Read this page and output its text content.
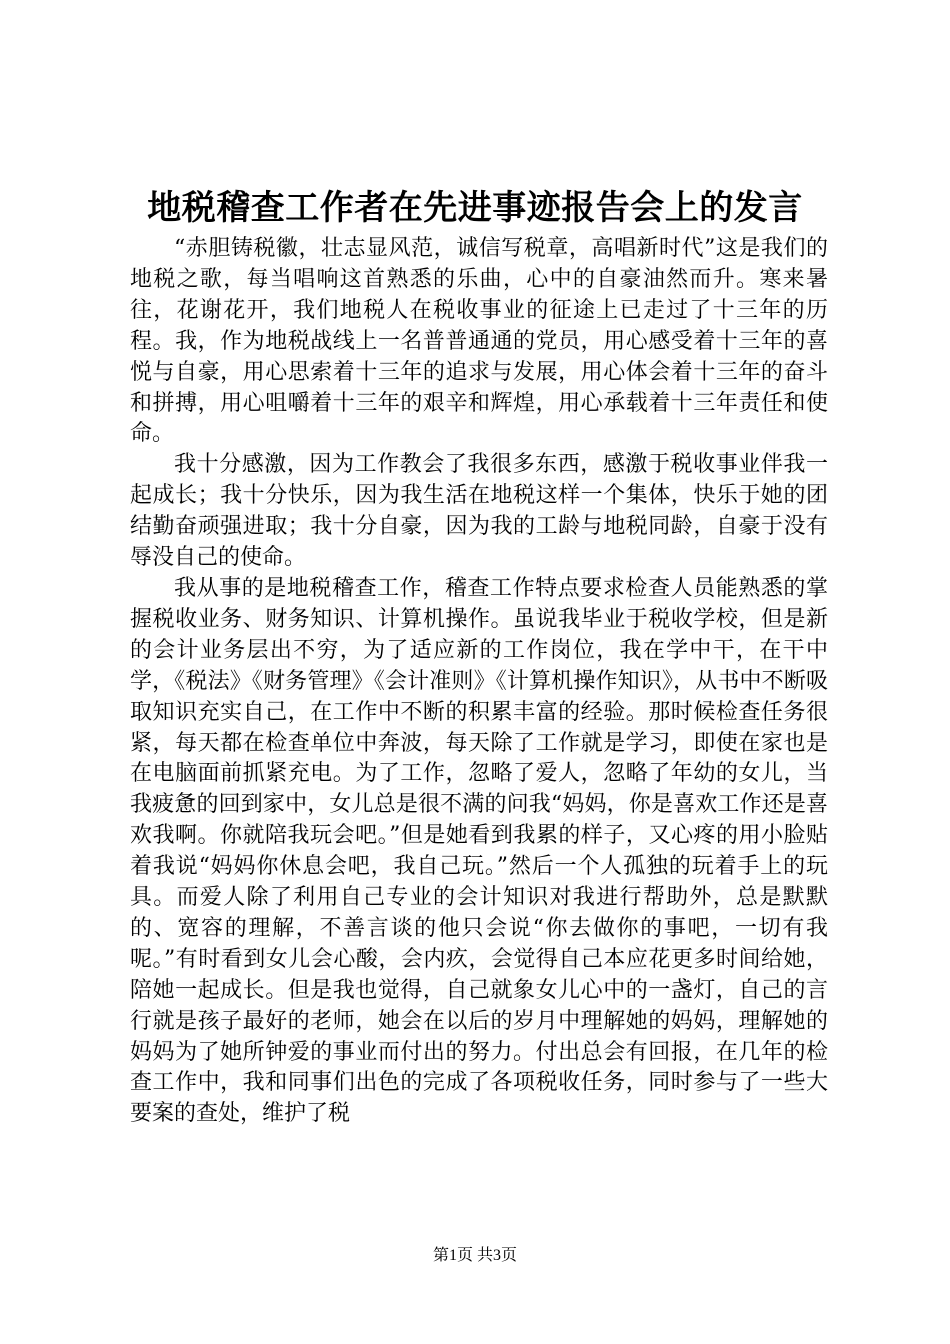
地税稽查工作者在先进事迹报告会上的发言

“赤胆铸税徽，壮志显风范，诚信写税章，高唱新时代”这是我们的地税之歌，每当唱响这首熟悉的乐曲，心中的自豪油然而升。寒来暑往，花谢花开，我们地税人在税收事业的征途上已走过了十三年的历程。我，作为地税战线上一名普普通通的党员，用心感受着十三年的喜悦与自豪，用心思索着十三年的追求与发展，用心体会着十三年的奋斗和拼搏，用心咀嚼着十三年的艰辛和辉煌，用心承载着十三年责任和使命。

我十分感激，因为工作教会了我很多东西，感激于税收事业伴我一起成长；我十分快乐，因为我生活在地税这样一个集体，快乐于她的团结勤奋顽强进取；我十分自豪，因为我的工龄与地税同龄，自豪于没有辱没自己的使命。

我从事的是地税稽查工作，稽查工作特点要求检查人员能熟悉的掌握税收业务、财务知识、计算机操作。虽说我毕业于税收学校，但是新的会计业务层出不穷，为了适应新的工作岗位，我在学中干，在干中学，《税法》《财务管理》《会计准则》《计算机操作知识》，从书中不断吸取知识充实自己，在工作中不断的积累丰富的经验。那时候检查任务很紧，每天都在检查单位中奔波，每天除了工作就是学习，即使在家也是在电脑面前抓紧充电。为了工作，忽略了爱人，忽略了年幼的女儿，当我疲惫的回到家中，女儿总是很不满的问我“妈妈，你是喜欢工作还是喜欢我啊。你就陪我玩会吧。”但是她看到我累的样子，又心疼的用小脸贴着我说“妈妈你休息会吧，我自己玩。”然后一个人孤独的玩着手上的玩具。而爱人除了利用自己专业的会计知识对我进行帮助外，总是默默的、宽容的理解，不善言谈的他只会说“你去做你的事吧，一切有我呢。”有时看到女儿会心酸，会内疚，会觉得自己本应花更多时间给她，陪她一起成长。但是我也觉得，自己就象女儿心中的一盏灯，自己的言行就是孩子最好的老师，她会在以后的岁月中理解她的妈妈，理解她的妈妈为了她所钟爱的事业而付出的努力。付出总会有回报，在几年的检查工作中，我和同事们出色的完成了各项税收任务，同时参与了一些大要案的查处，维护了税

第1页 共3页
